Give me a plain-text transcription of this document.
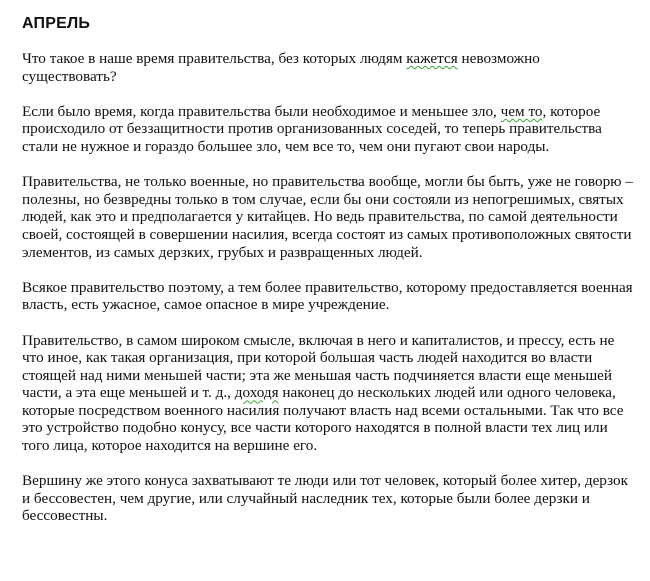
АПРЕЛЬ

Что такое в наше время правительства, без которых людям кажется невозможно существовать?

Если было время, когда правительства были необходимое и меньшее зло, чем то, которое происходило от беззащитности против организованных соседей, то теперь правительства стали не нужное и гораздо большее зло, чем все то, чем они пугают свои народы.

Правительства, не только военные, но правительства вообще, могли бы быть, уже не говорю – полезны, но безвредны только в том случае, если бы они состояли из непогрешимых, святых людей, как это и предполагается у китайцев. Но ведь правительства, по самой деятельности своей, состоящей в совершении насилия, всегда состоят из самых противоположных святости элементов, из самых дерзких, грубых и развращенных людей.

Всякое правительство поэтому, а тем более правительство, которому предоставляется военная власть, есть ужасное, самое опасное в мире учреждение.

Правительство, в самом широком смысле, включая в него и капиталистов, и прессу, есть не что иное, как такая организация, при которой большая часть людей находится во власти стоящей над ними меньшей части; эта же меньшая часть подчиняется власти еще меньшей части, а эта еще меньшей и т. д., доходя наконец до нескольких людей или одного человека, которые посредством военного насилия получают власть над всеми остальными. Так что все это устройство подобно конусу, все части которого находятся в полной власти тех лиц или того лица, которое находится на вершине его.

Вершину же этого конуса захватывают те люди или тот человек, который более хитер, дерзок и бессовестен, чем другие, или случайный наследник тех, которые были более дерзки и бессовестны.
